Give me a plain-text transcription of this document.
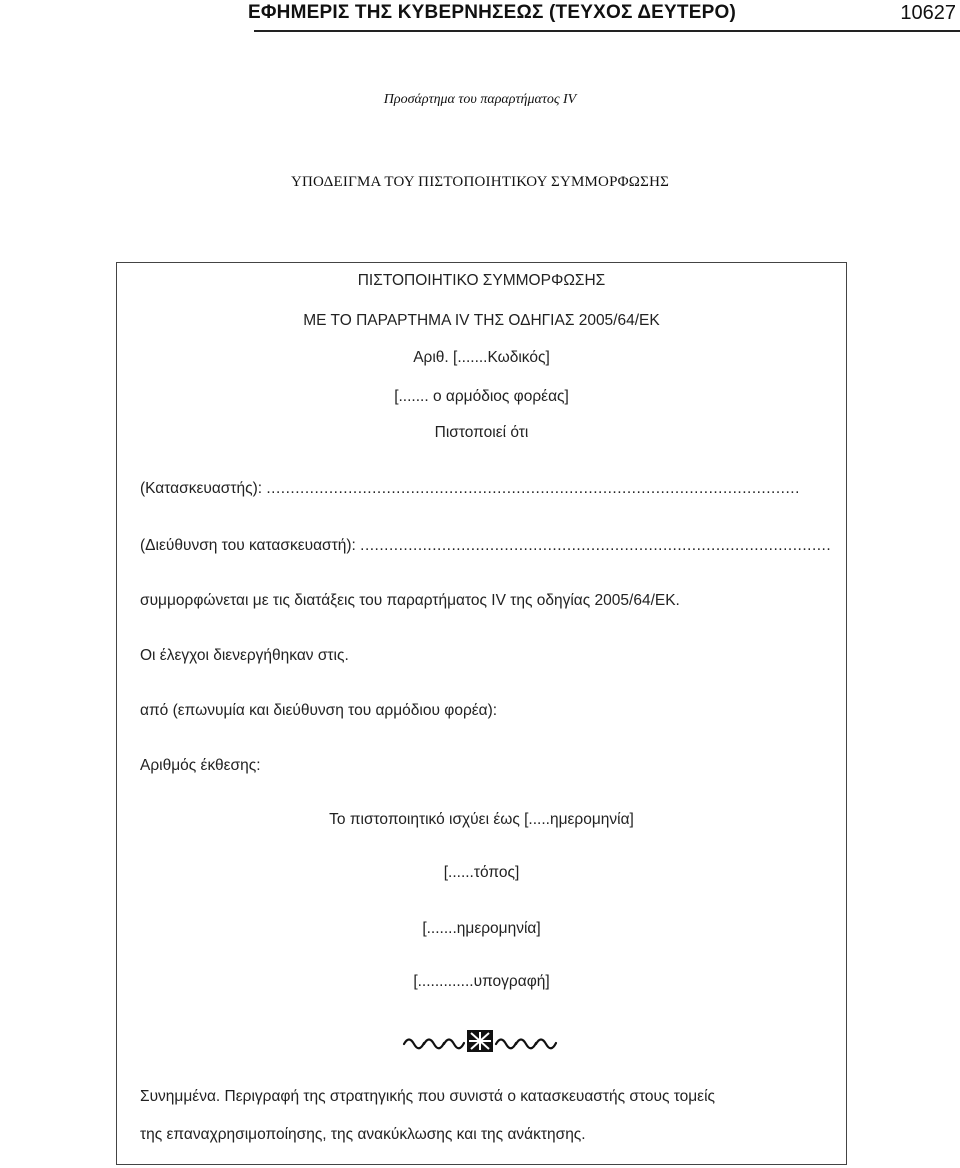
ΕΦΗΜΕΡΙΣ ΤΗΣ ΚΥΒΕΡΝΗΣΕΩΣ (ΤΕΥΧΟΣ ΔΕΥΤΕΡΟ)	10627
Προσάρτημα του παραρτήματος IV
ΥΠΟΔΕΙΓΜΑ ΤΟΥ ΠΙΣΤΟΠΟΙΗΤΙΚΟΥ ΣΥΜΜΟΡΦΩΣΗΣ
ΠΙΣΤΟΠΟΙΗΤΙΚΟ ΣΥΜΜΟΡΦΩΣΗΣ
ΜΕ ΤΟ ΠΑΡΑΡΤΗΜΑ IV ΤΗΣ ΟΔΗΓΙΑΣ 2005/64/ΕΚ
Αριθ. [.......Κωδικός]
[....... ο αρμόδιος φορέας]
Πιστοποιεί ότι
(Κατασκευαστής): ...............................................................................................................
(Διεύθυνση του κατασκευαστή): ..................................................................................................
συμμορφώνεται με τις διατάξεις του παραρτήματος IV της οδηγίας 2005/64/ΕΚ.
Οι έλεγχοι διενεργήθηκαν στις.
από (επωνυμία και διεύθυνση του αρμόδιου φορέα):
Αριθμός έκθεσης:
Το πιστοποιητικό ισχύει έως [.....ημερομηνία]
[......τόπος]
[.......ημερομηνία]
[.............υπογραφή]
Συνημμένα. Περιγραφή της στρατηγικής που συνιστά ο κατασκευαστής στους τομείς
της επαναχρησιμοποίησης, της ανακύκλωσης και της ανάκτησης.
